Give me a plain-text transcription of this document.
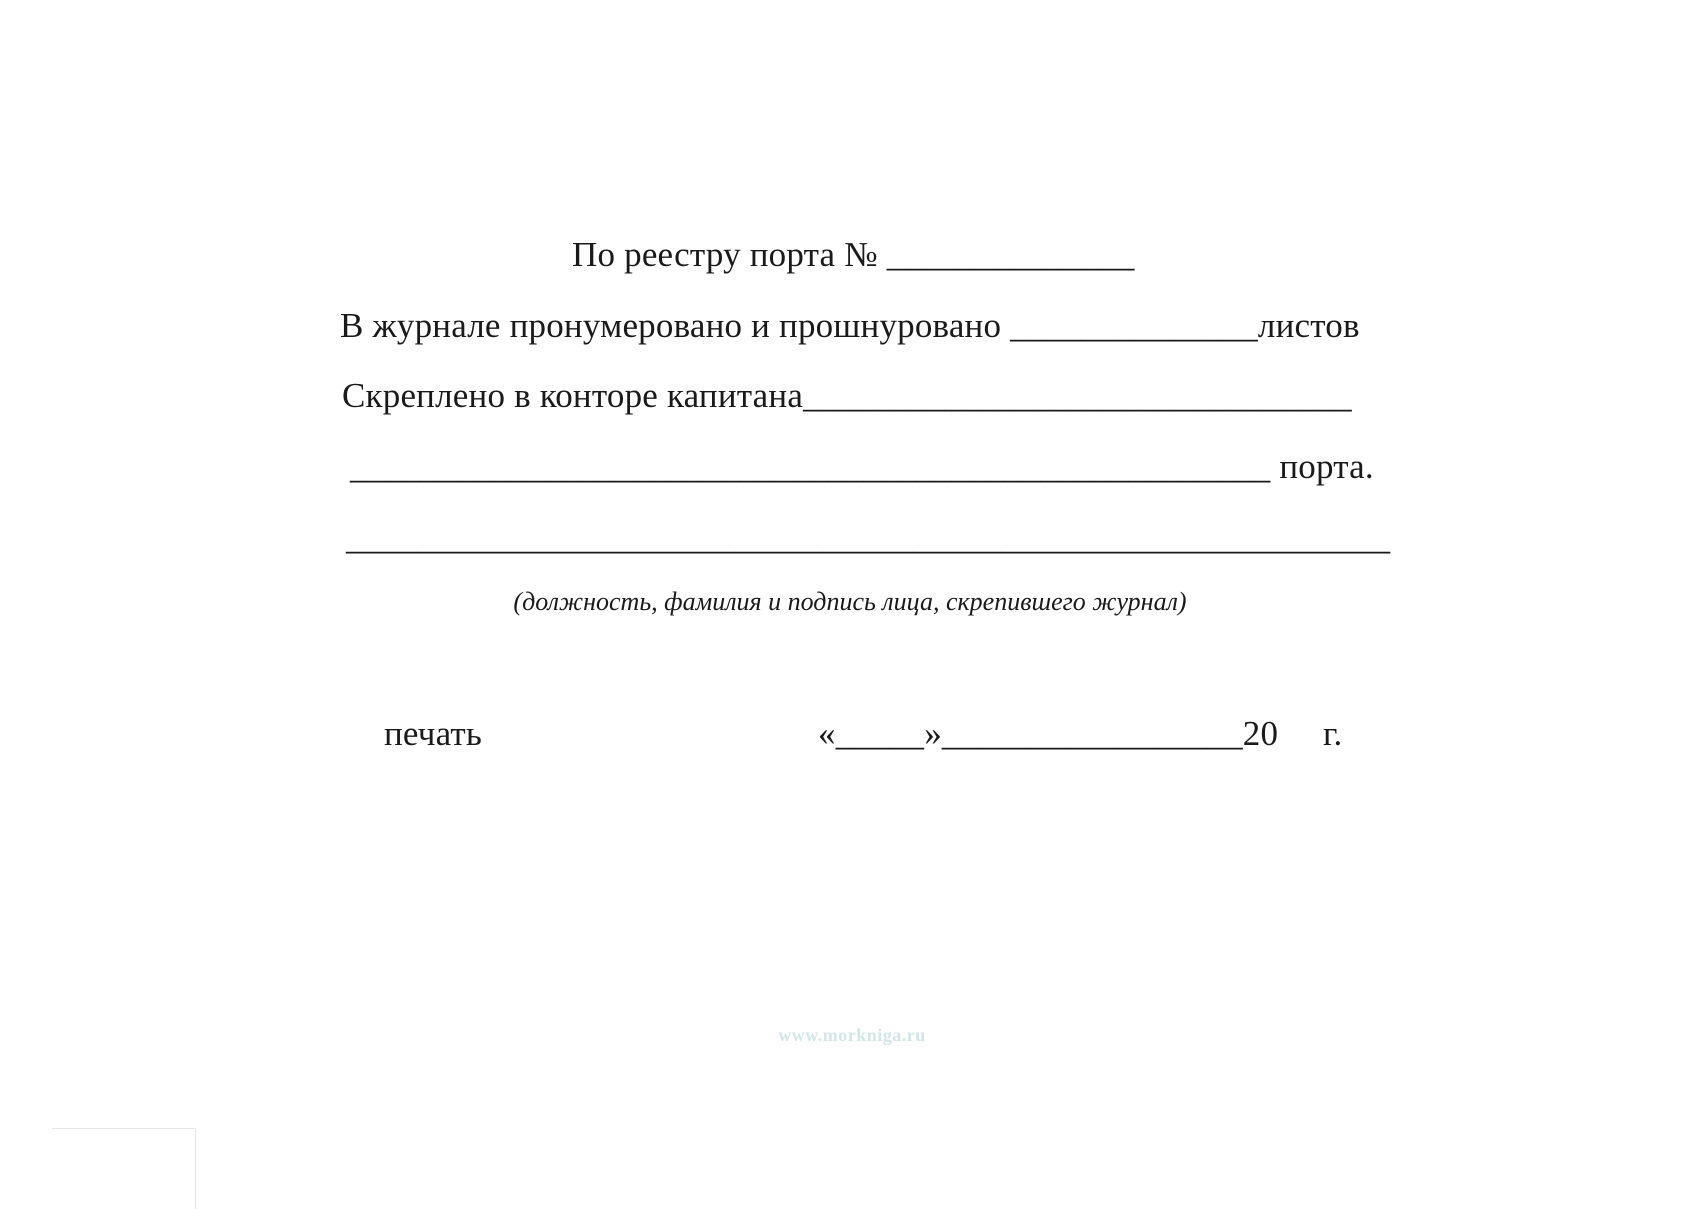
По реестру порта № ______________
В журнале пронумеровано и прошнуровано ______________листов
Скреплено в конторе капитана_______________________________
____________________________________________________ порта.
___________________________________________________________
(должность, фамилия и подпись лица, скрепившего журнал)
печать	«_____»_________________20     г.
www.morkniga.ru
